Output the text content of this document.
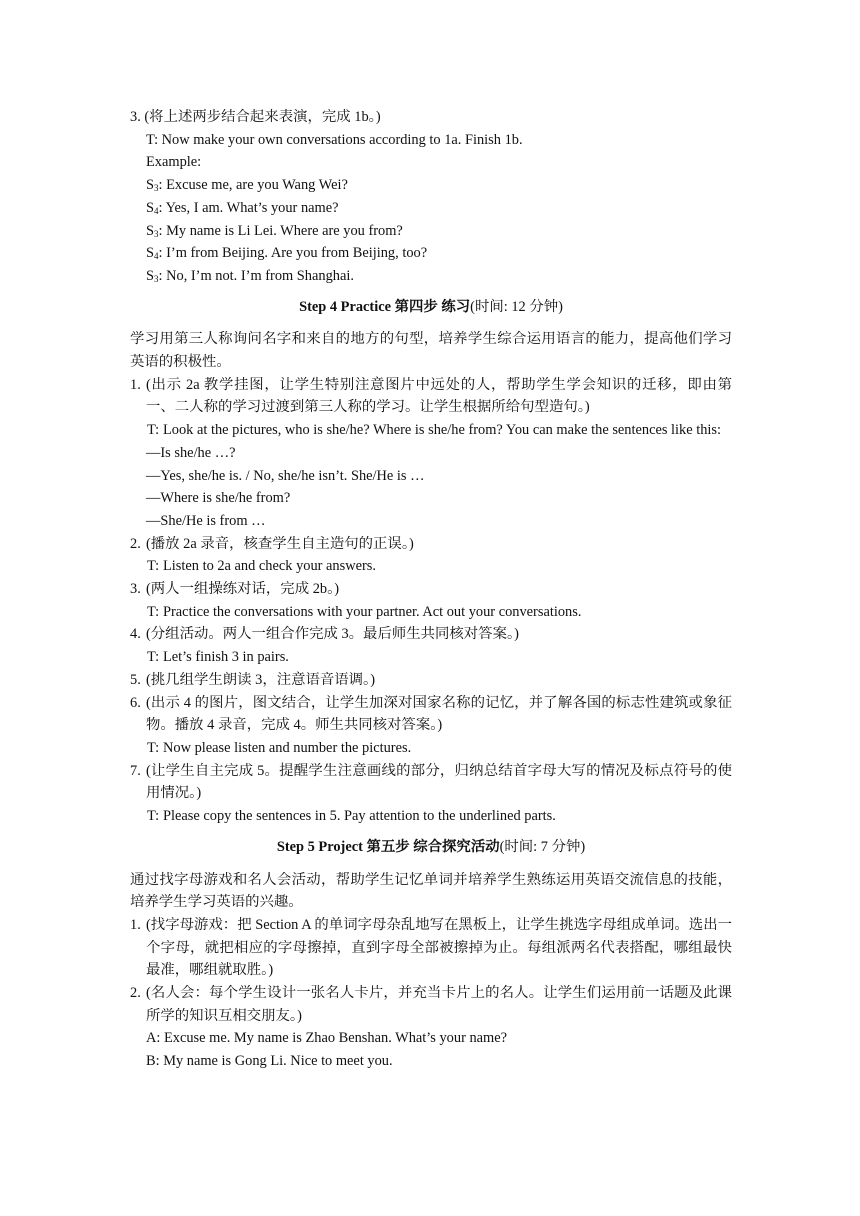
3. (将上述两步结合起来表演，完成 1b。)
T: Now make your own conversations according to 1a. Finish 1b.
Example:
$S_3$: Excuse me, are you Wang Wei?
$S_4$: Yes, I am. What’s your name?
$S_3$: My name is Li Lei. Where are you from?
$S_4$: I’m from Beijing. Are you from Beijing, too?
$S_3$: No, I’m not. I’m from Shanghai.
Step 4 Practice 第四步 练习(时间: 12 分钟)
学习用第三人称询问名字和来自的地方的句型，培养学生综合运用语言的能力，提高他们学习英语的积极性。
1. (出示 2a 教学挂图，让学生特别注意图片中远处的人，帮助学生学会知识的迁移，即由第一、二人称的学习过渡到第三人称的学习。让学生根据所给句型造句。)
T: Look at the pictures, who is she/he? Where is she/he from? You can make the sentences like this:
—Is she/he …?
—Yes, she/he is. / No, she/he isn’t. She/He is …
—Where is she/he from?
—She/He is from …
2. (播放 2a 录音，核查学生自主造句的正误。)
T: Listen to 2a and check your answers.
3. (两人一组操练对话，完成 2b。)
T: Practice the conversations with your partner. Act out your conversations.
4. (分组活动。两人一组合作完成 3。最后师生共同核对答案。)
T: Let’s finish 3 in pairs.
5. (挑几组学生朗读 3，注意语音语调。)
6. (出示 4 的图片，图文结合，让学生加深对国家名称的记忆，并了解各国的标志性建筑或象征物。播放 4 录音，完成 4。师生共同核对答案。)
T: Now please listen and number the pictures.
7. (让学生自主完成 5。提醒学生注意画线的部分，归纳总结首字母大写的情况及标点符号的使用情况。)
T: Please copy the sentences in 5. Pay attention to the underlined parts.
Step 5 Project 第五步 综合探究活动(时间: 7 分钟)
通过找字母游戏和名人会活动，帮助学生记忆单词并培养学生熟练运用英语交流信息的技能，培养学生学习英语的兴趣。
1. (找字母游戏：把 Section A 的单词字母杂乱地写在黑板上，让学生挑选字母组成单词。选出一个字母，就把相应的字母擦掉，直到字母全部被擦掉为止。每组派两名代表搭配，哪组最快最准，哪组就取胜。)
2. (名人会：每个学生设计一张名人卡片，并充当卡片上的名人。让学生们运用前一话题及此课所学的知识互相交朋友。)
A: Excuse me. My name is Zhao Benshan. What’s your name?
B: My name is Gong Li. Nice to meet you.
